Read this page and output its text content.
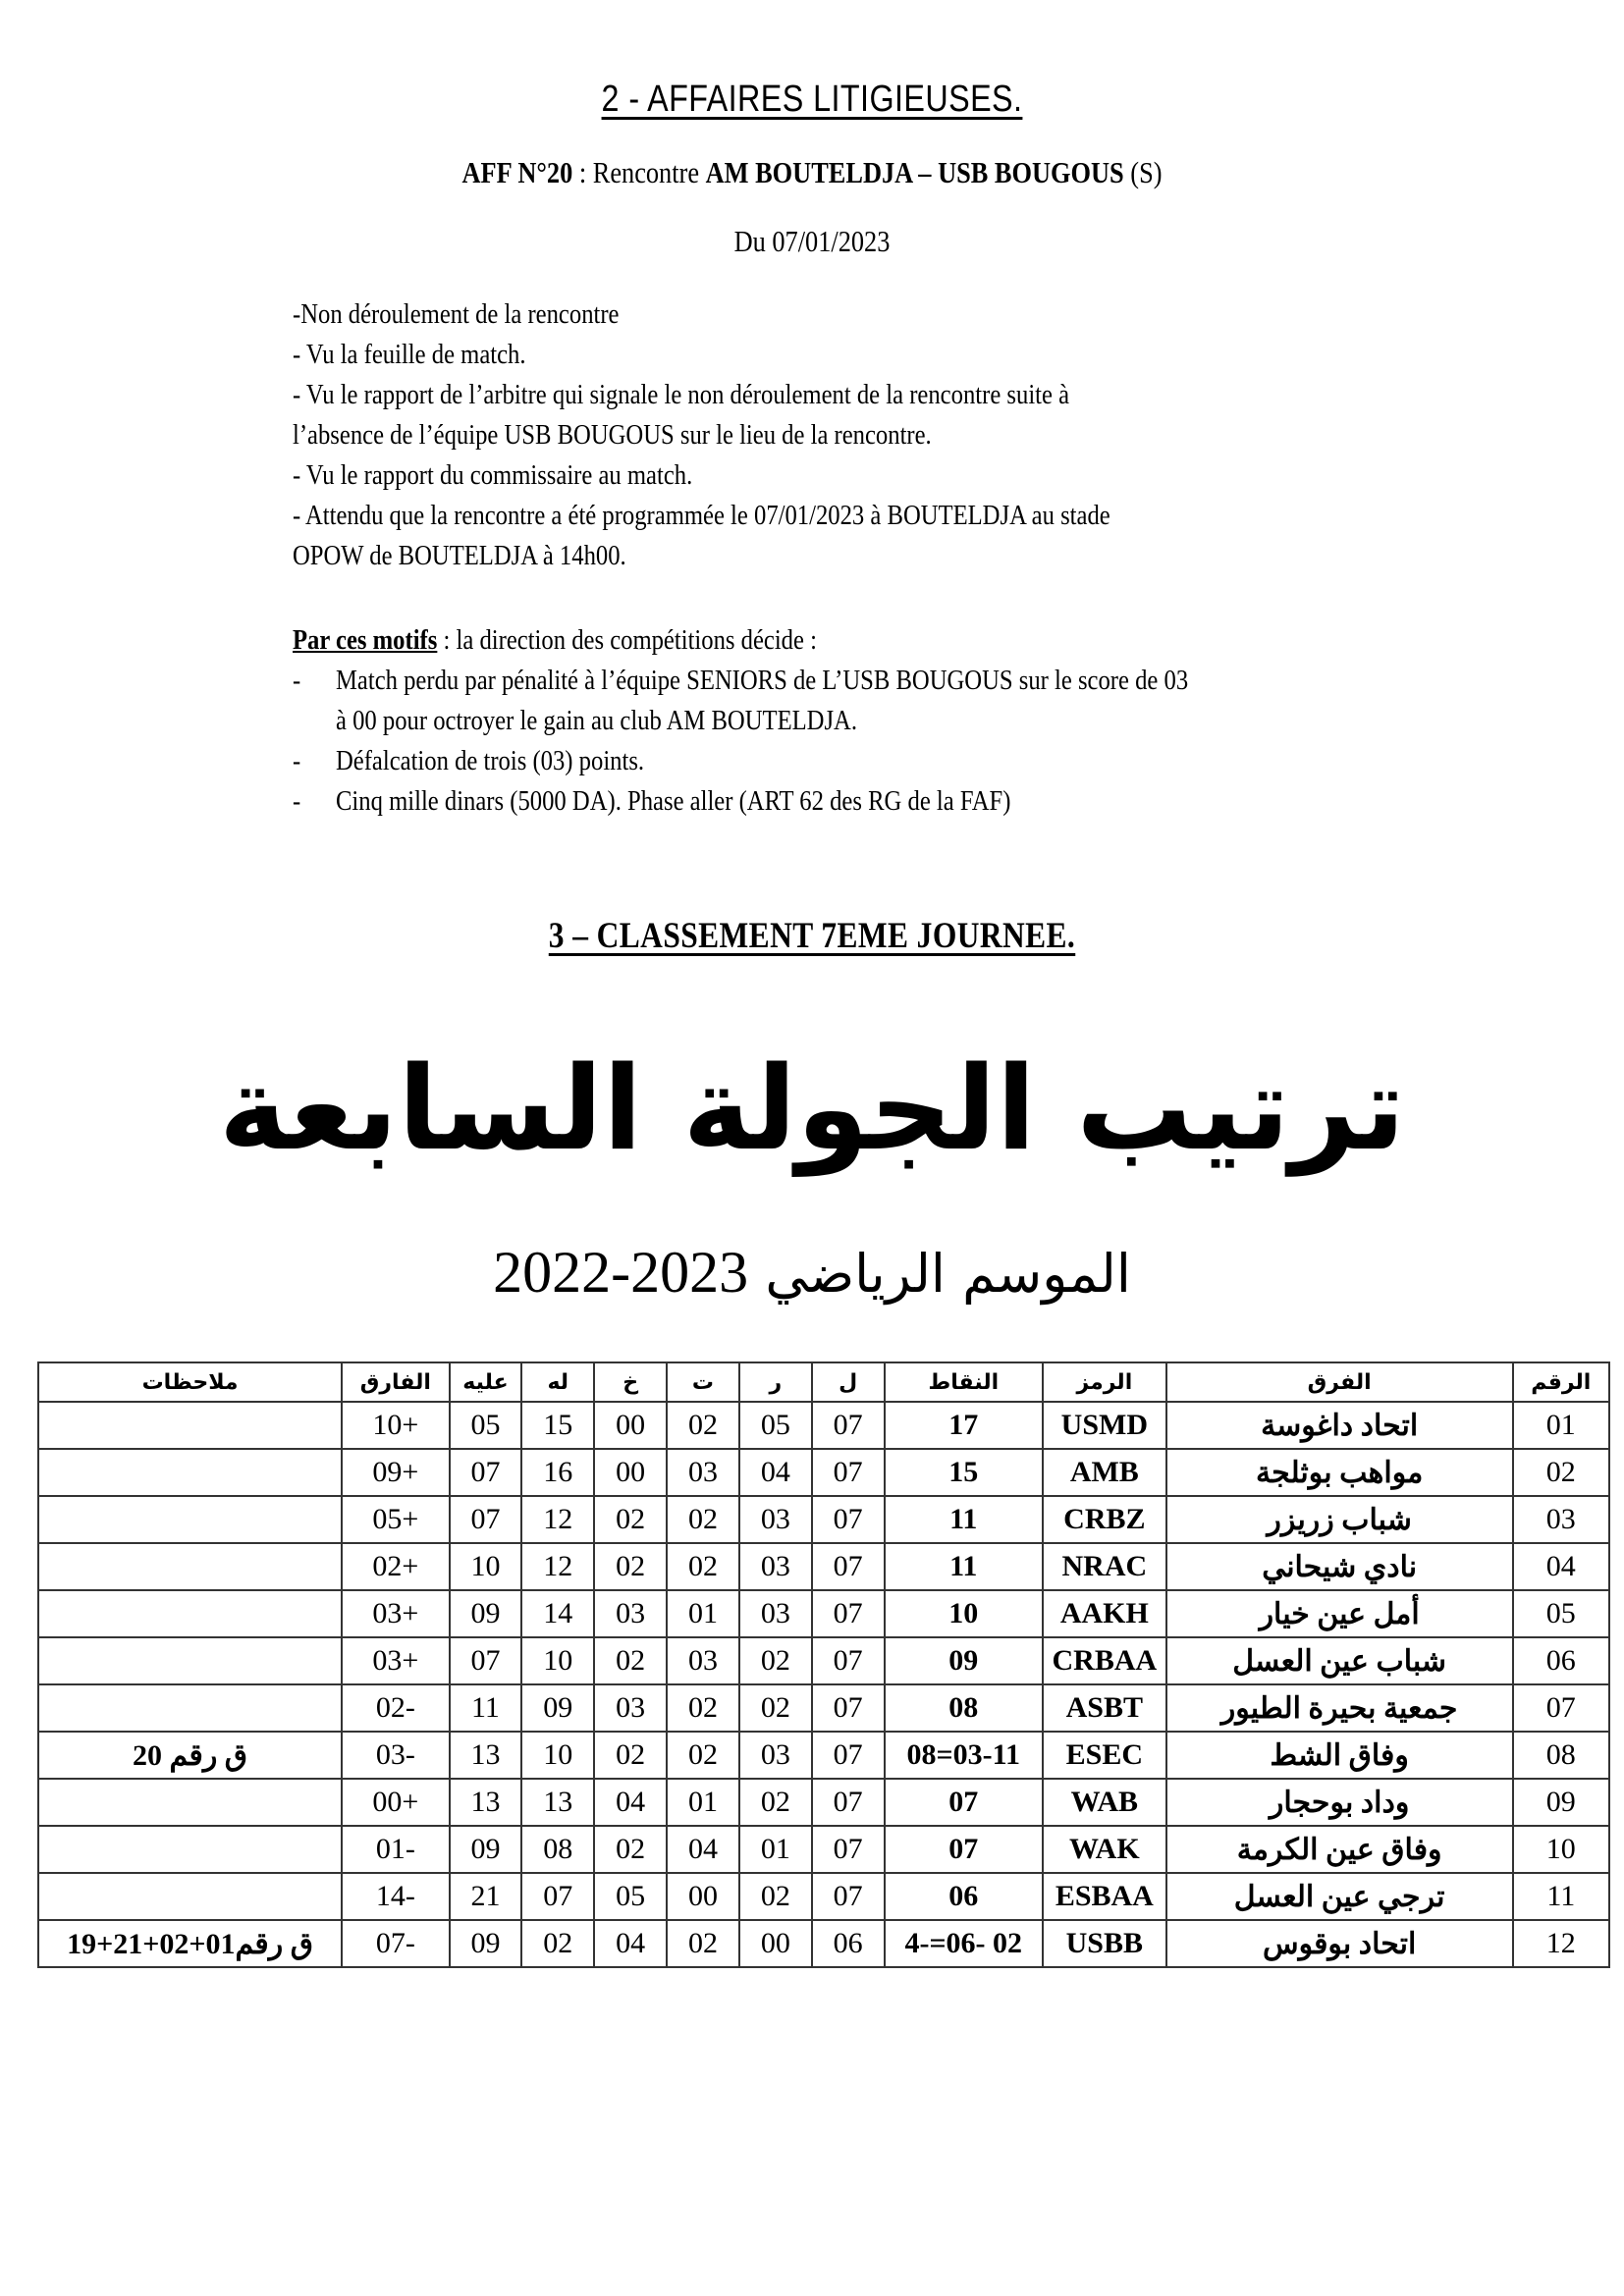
2 - AFFAIRES LITIGIEUSES.
AFF N°20 : Rencontre AM BOUTELDJA – USB BOUGOUS (S)
Du 07/01/2023
-Non déroulement de la rencontre
- Vu la feuille de match.
- Vu le rapport de l’arbitre qui signale le non déroulement de la rencontre suite à
l’absence de l’équipe USB BOUGOUS sur le lieu de la rencontre.
- Vu le rapport du commissaire au match.
- Attendu que la rencontre a été programmée le 07/01/2023 à BOUTELDJA au stade
OPOW de BOUTELDJA à 14h00.
Par ces motifs : la direction des compétitions décide :
- Match perdu par pénalité à l’équipe SENIORS de L’USB BOUGOUS sur le score de 03
à 00 pour octroyer le gain au club AM BOUTELDJA.
- Défalcation de trois (03) points.
- Cinq mille dinars (5000 DA). Phase aller (ART 62 des RG de la FAF)
3 – CLASSEMENT 7EME JOURNEE.
ترتيب الجولة السابعة
الموسم الرياضي 2023-2022
الرقم	الفرق	الرمز	النقاط	ل	ر	ت	خ	له	عليه	الفارق	ملاحظات
01	اتحاد داغوسة	USMD	17	07	05	02	00	15	05	10+	
02	مواهب بوثلجة	AMB	15	07	04	03	00	16	07	09+	
03	شباب زريزر	CRBZ	11	07	03	02	02	12	07	05+	
04	نادي شيحاني	NRAC	11	07	03	02	02	12	10	02+	
05	أمل عين خيار	AAKH	10	07	03	01	03	14	09	03+	
06	شباب عين العسل	CRBAA	09	07	02	03	02	10	07	03+	
07	جمعية بحيرة الطيور	ASBT	08	07	02	02	03	09	11	02-	
08	وفاق الشط	ESEC	08=03-11	07	03	02	02	10	13	03-	ق رقم 20
09	وداد بوحجار	WAB	07	07	02	01	04	13	13	00+	
10	وفاق عين الكرمة	WAK	07	07	01	04	02	08	09	01-	
11	ترجي عين العسل	ESBAA	06	07	02	00	05	07	21	14-	
12	اتحاد بوقوس	USBB	4-=06- 02	06	00	02	04	02	09	07-	ق رقم01+02+21+19
